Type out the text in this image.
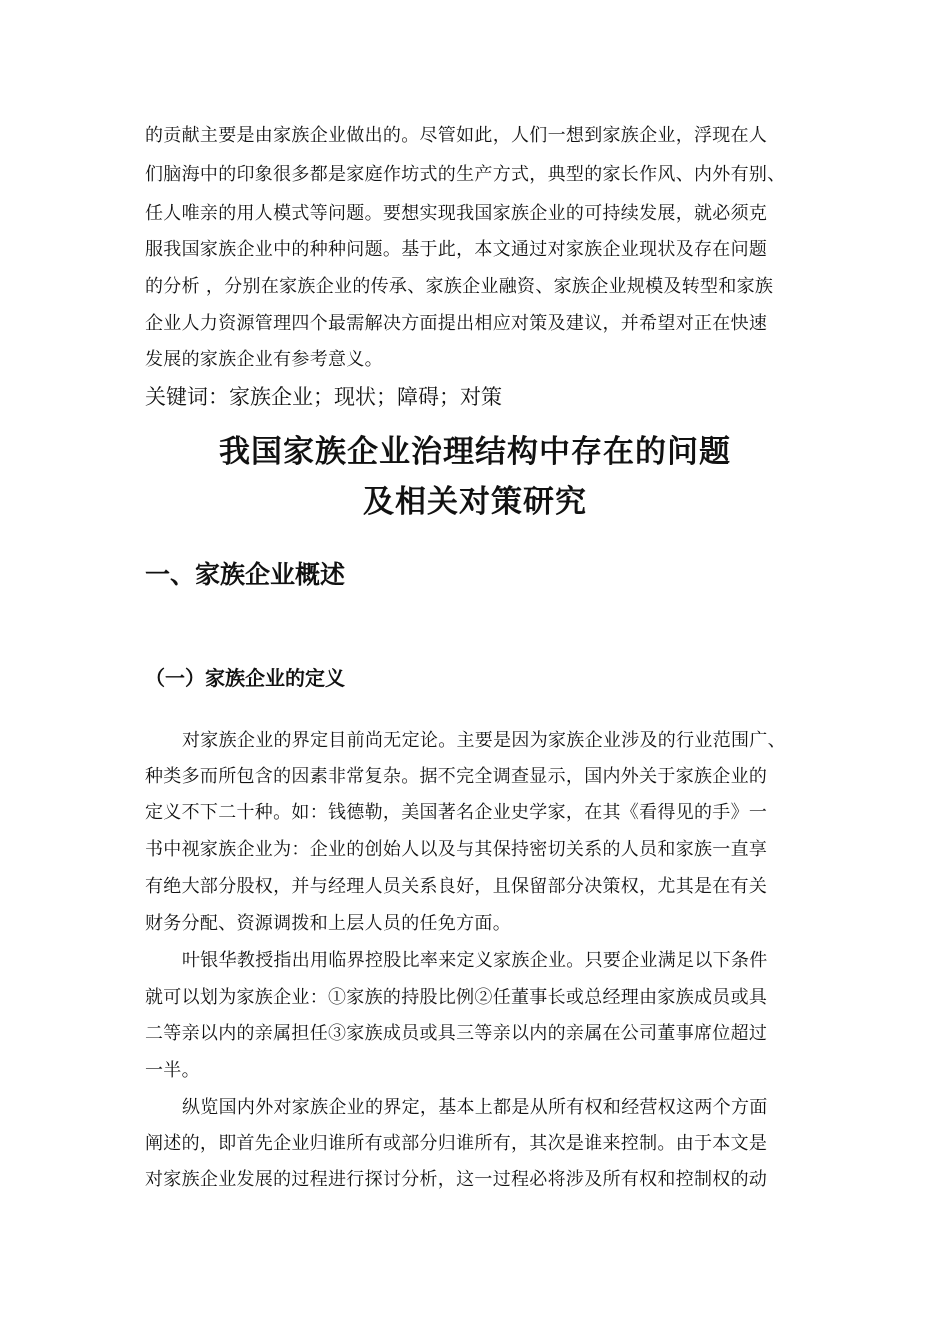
的贡献主要是由家族企业做出的。尽管如此，人们一想到家族企业，浮现在人
们脑海中的印象很多都是家庭作坊式的生产方式，典型的家长作风、内外有别、
任人唯亲的用人模式等问题。要想实现我国家族企业的可持续发展，就必须克
服我国家族企业中的种种问题。基于此，本文通过对家族企业现状及存在问题
的分析 ，分别在家族企业的传承、家族企业融资、家族企业规模及转型和家族
企业人力资源管理四个最需解决方面提出相应对策及建议，并希望对正在快速
发展的家族企业有参考意义。
关键词：家族企业；现状；障碍；对策
我国家族企业治理结构中存在的问题
及相关对策研究
一、家族企业概述
（一）家族企业的定义
对家族企业的界定目前尚无定论。主要是因为家族企业涉及的行业范围广、
种类多而所包含的因素非常复杂。据不完全调查显示，国内外关于家族企业的
定义不下二十种。如：钱德勒，美国著名企业史学家，在其《看得见的手》一
书中视家族企业为：企业的创始人以及与其保持密切关系的人员和家族一直享
有绝大部分股权，并与经理人员关系良好，且保留部分决策权，尤其是在有关
财务分配、资源调拨和上层人员的任免方面。
叶银华教授指出用临界控股比率来定义家族企业。只要企业满足以下条件
就可以划为家族企业：①家族的持股比例②任董事长或总经理由家族成员或具
二等亲以内的亲属担任③家族成员或具三等亲以内的亲属在公司董事席位超过
一半。
纵览国内外对家族企业的界定，基本上都是从所有权和经营权这两个方面
阐述的，即首先企业归谁所有或部分归谁所有，其次是谁来控制。由于本文是
对家族企业发展的过程进行探讨分析，这一过程必将涉及所有权和控制权的动
